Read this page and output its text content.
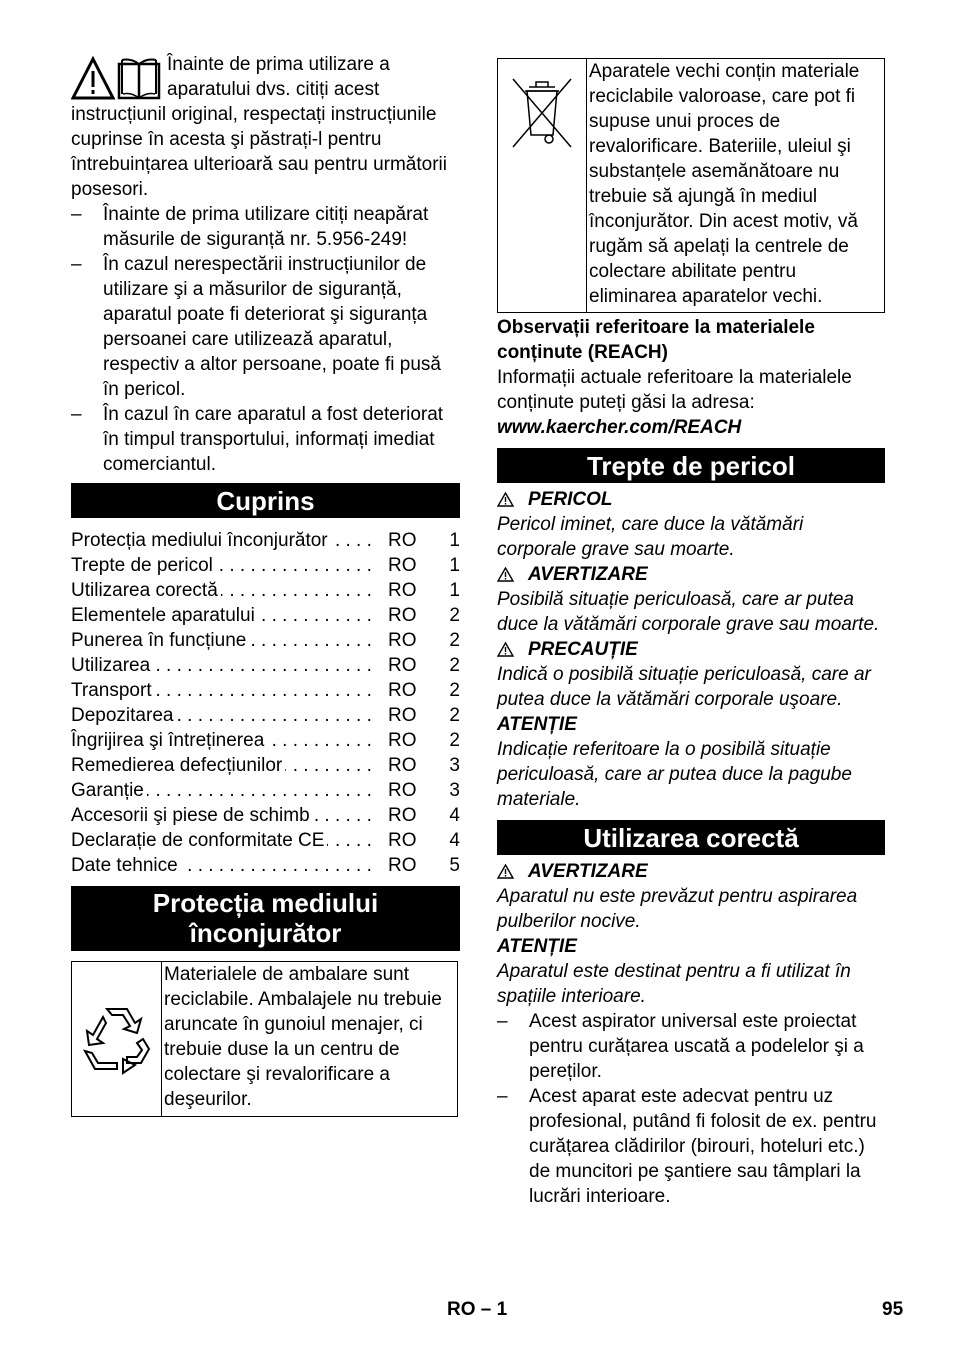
Înainte de prima utilizare a aparatului dvs. citiți acest instrucțiunil original, respectați instrucțiunile cuprinse în acesta şi păstrați-l pentru întrebuințarea ulterioară sau pentru următorii posesori.

–	Înainte de prima utilizare citiți neapărat măsurile de siguranță nr. 5.956-249!
–	În cazul nerespectării instrucțiunilor de utilizare şi a măsurilor de siguranță, aparatul poate fi deteriorat şi siguranța persoanei care utilizează aparatul, respectiv a altor persoane, poate fi pusă în pericol.
–	În cazul în care aparatul a fost deteriorat în timpul transportului, informați imediat comerciantul.
Cuprins
Protecția mediului înconjurător . . .	RO	1
Trepte de pericol . . .	RO	1
Utilizarea corectă . . .	RO	1
Elementele aparatului . . .	RO	2
Punerea în funcțiune . . .	RO	2
Utilizarea . . .	RO	2
Transport . . .	RO	2
Depozitarea . . .	RO	2
Îngrijirea şi întreținerea . . .	RO	2
Remedierea defecțiunilor . . .	RO	3
Garanție . . .	RO	3
Accesorii şi piese de schimb . . .	RO	4
Declarație de conformitate CE . . .	RO	4
Date tehnice . . .	RO	5
Protecția mediului
înconjurător
Materialele de ambalare sunt reciclabile. Ambalajele nu trebuie aruncate în gunoiul menajer, ci trebuie duse la un centru de colectare şi revalorificare a deşeurilor.
Aparatele vechi conțin materiale reciclabile valoroase, care pot fi supuse unui proces de revalorificare. Bateriile, uleiul şi substanțele asemănătoare nu trebuie să ajungă în mediul înconjurător. Din acest motiv, vă rugăm să apelați la centrele de colectare abilitate pentru eliminarea aparatelor vechi.

Observații referitoare la materialele conținute (REACH)

Informații actuale referitoare la materialele conținute puteți găsi la adresa:

www.kaercher.com/REACH

Trepte de pericol
PERICOL

Pericol iminet, care duce la vătămări corporale grave sau moarte.

AVERTIZARE

Posibilă situație periculoasă, care ar putea duce la vătămări corporale grave sau moarte.

PRECAUȚIE

Indică o posibilă situație periculoasă, care ar putea duce la vătămări corporale uşoare.

ATENȚIE

Indicație referitoare la o posibilă situație periculoasă, care ar putea duce la pagube materiale.

Utilizarea corectă
AVERTIZARE

Aparatul nu este prevăzut pentru aspirarea pulberilor nocive.

ATENȚIE

Aparatul este destinat pentru a fi utilizat în spațiile interioare.

–	Acest aspirator universal este proiectat pentru curățarea uscată a podelelor şi a pereților.
–	Acest aparat este adecvat pentru uz profesional, putând fi folosit de ex. pentru curățarea clădirilor (birouri, hoteluri etc.) de muncitori pe şantiere sau tâmplari la lucrări interioare.
RO – 1	95
